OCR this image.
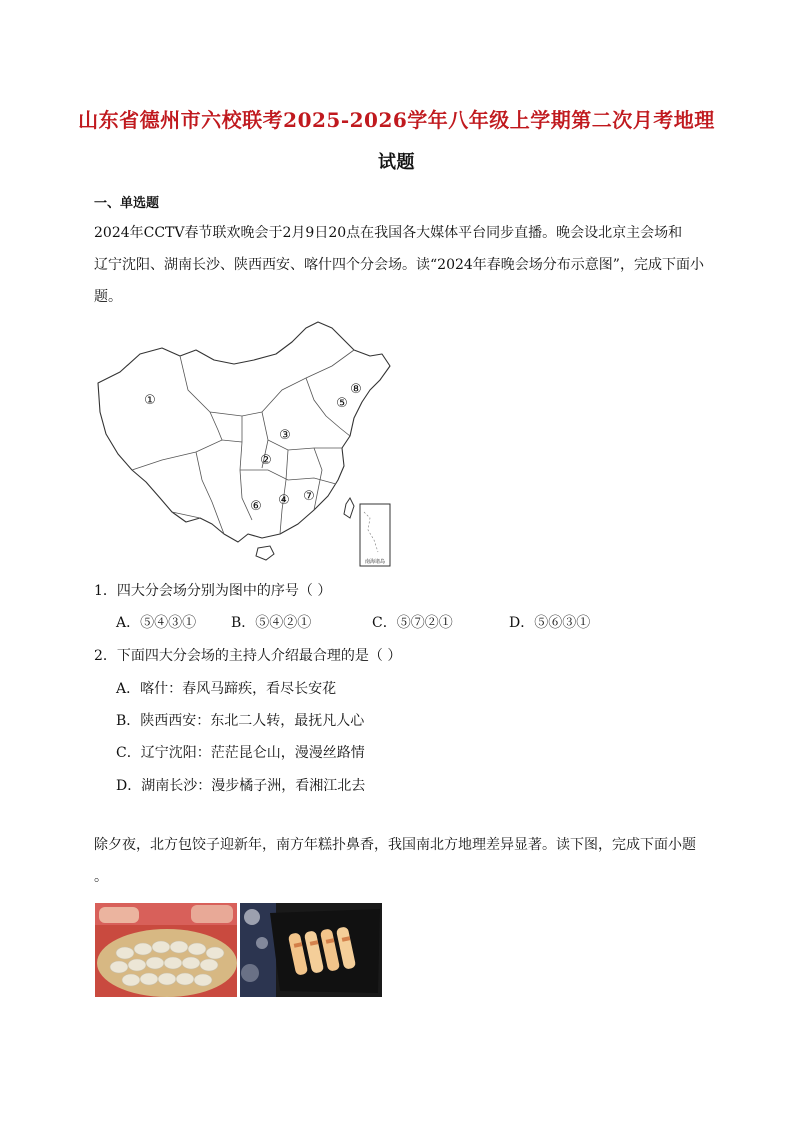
山东省德州市六校联考2025-2026学年八年级上学期第二次月考地理
试题
一、单选题
2024年CCTV春节联欢晚会于2月9日20点在我国各大媒体平台同步直播。晚会设北京主会场和
辽宁沈阳、湖南长沙、陕西西安、喀什四个分会场。读“2024年春晚会场分布示意图”，完成下面小
题。
南海诸岛
①
②
③
④
⑤
⑥
⑦
⑧
1．四大分会场分别为图中的序号（ ）
A．⑤④③① B．⑤④②①	C．⑤⑦②①	D．⑤⑥③①
2．下面四大分会场的主持人介绍最合理的是（ ）
A．喀什：春风马蹄疾，看尽长安花
B．陕西西安：东北二人转，最抚凡人心
C．辽宁沈阳：茫茫昆仑山，漫漫丝路情
D．湖南长沙：漫步橘子洲，看湘江北去
除夕夜，北方包饺子迎新年，南方年糕扑鼻香，我国南北方地理差异显著。读下图，完成下面小题
。
